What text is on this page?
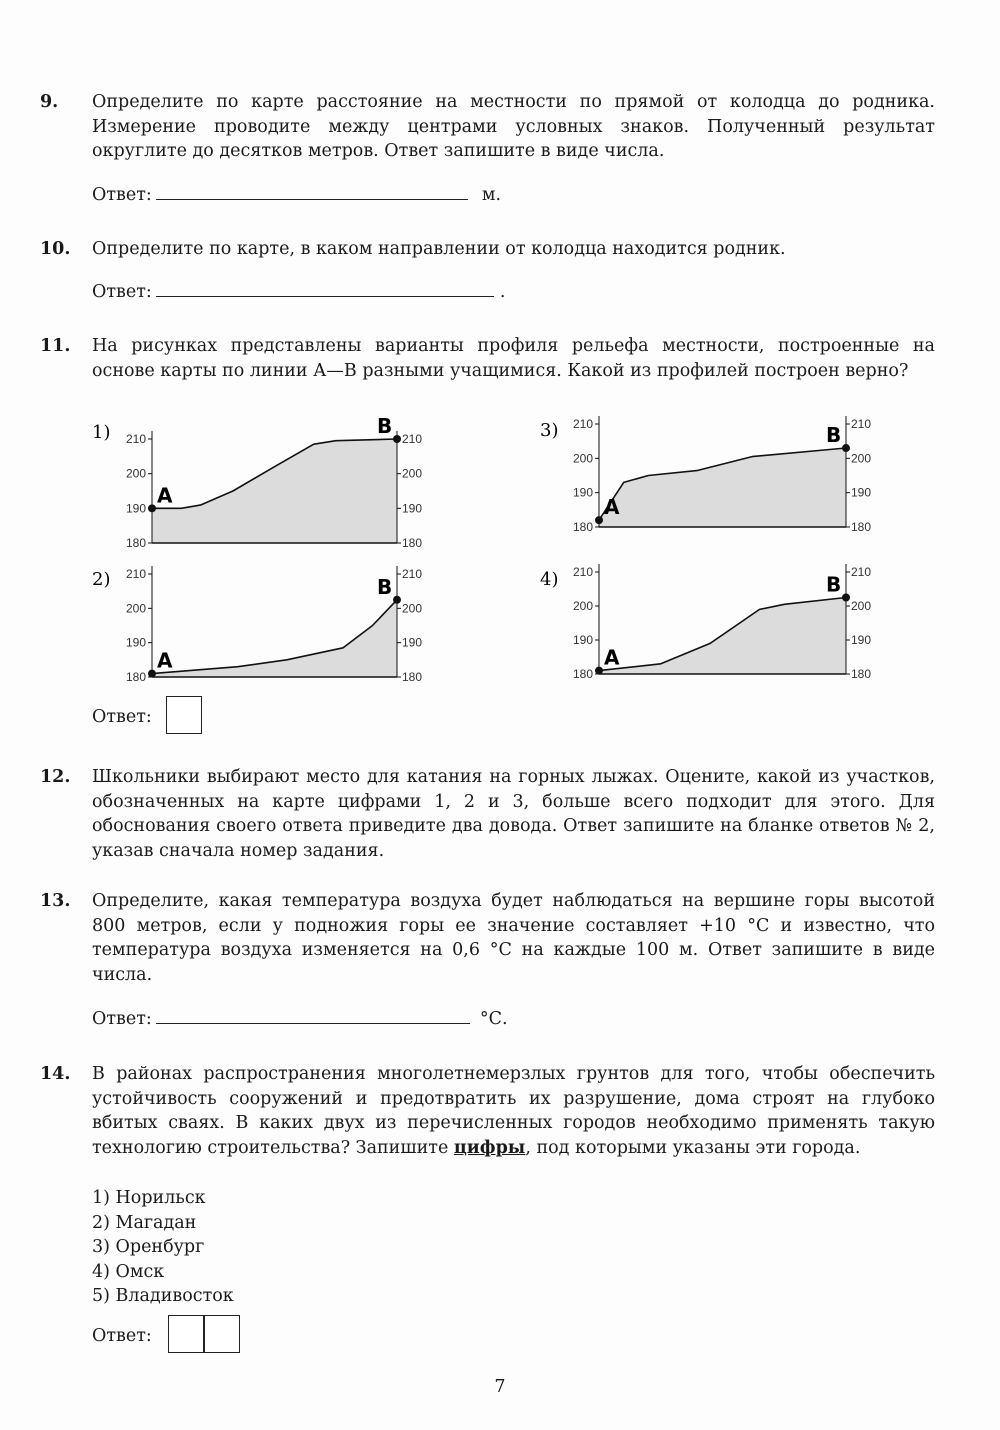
9. Определите по карте расстояние на местности по прямой от колодца до родника. Измерение проводите между центрами условных знаков. Полученный результат округлите до десятков метров. Ответ запишите в виде числа.
Ответ:	м.
10. Определите по карте, в каком направлении от колодца находится родник.
Ответ:	.
11. На рисунках представлены варианты профиля рельефа местности, построенные на основе карты по линии А—В разными учащимися. Какой из профилей построен верно?
Ответ:
12. Школьники выбирают место для катания на горных лыжах. Оцените, какой из участков, обозначенных на карте цифрами 1, 2 и 3, больше всего подходит для этого. Для обоснования своего ответа приведите два довода. Ответ запишите на бланке ответов № 2, указав сначала номер задания.
13. Определите, какая температура воздуха будет наблюдаться на вершине горы высотой 800 метров, если у подножия горы ее значение составляет +10 °С и известно, что температура воздуха изменяется на 0,6 °С на каждые 100 м. Ответ запишите в виде числа.
Ответ:	°С.
14. В районах распространения многолетнемерзлых грунтов для того, чтобы обеспечить устойчивость сооружений и предотвратить их разрушение, дома строят на глубоко вбитых сваях. В каких двух из перечисленных городов необходимо применять такую технологию строительства? Запишите цифры, под которыми указаны эти города.
1) Норильск
2) Магадан
3) Оренбург
4) Омск
5) Владивосток
Ответ:
180	180
190	190
200	200
210	210
A
B
1)
180	180
190	190
200	200
210	210
A
B
2)
180	180
190	190
200	200
210	210
A
B
3)
180	180
190	190
200	200
210	210
A
B
4)
7
